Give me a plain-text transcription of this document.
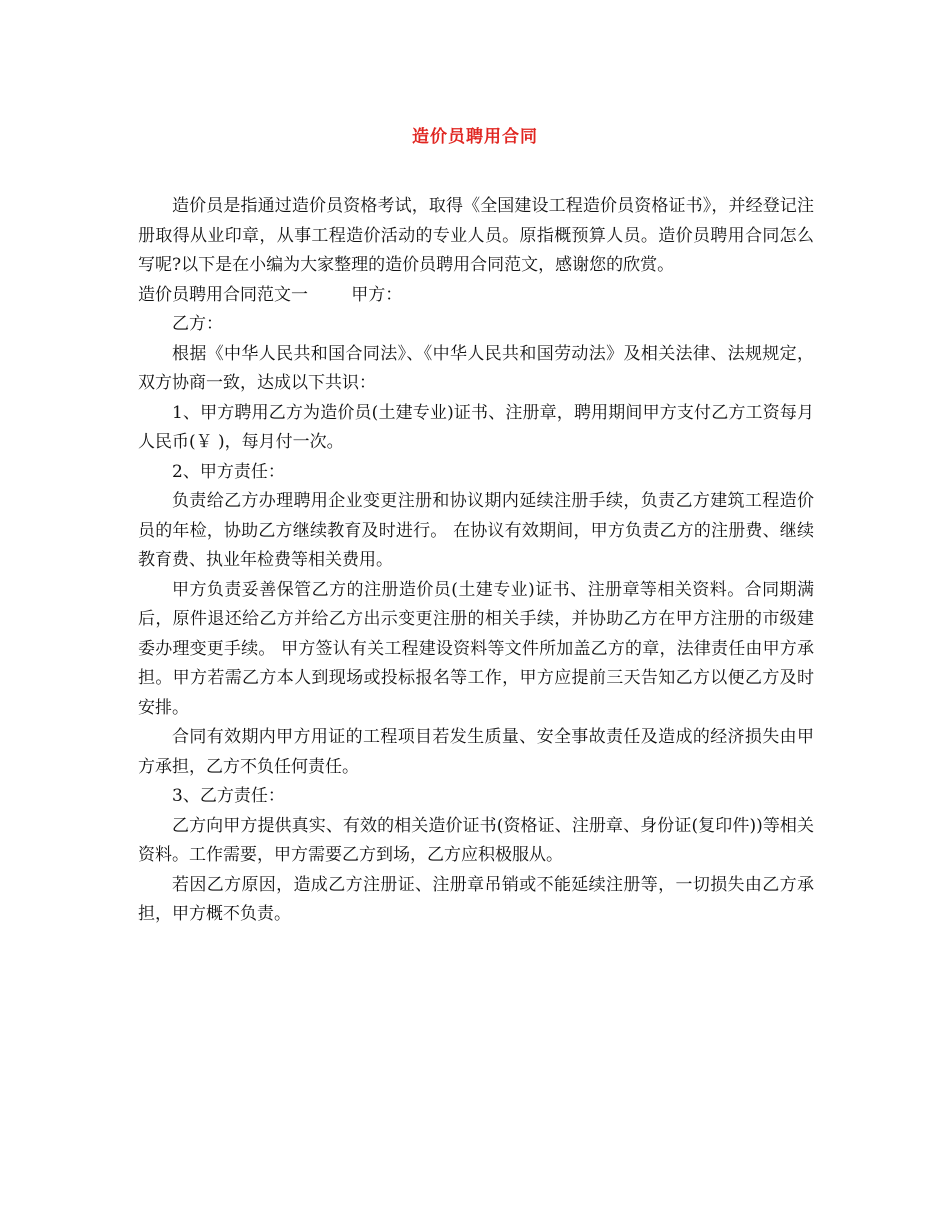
造价员聘用合同

造价员是指通过造价员资格考试，取得《全国建设工程造价员资格证书》，并经登记注册取得从业印章，从事工程造价活动的专业人员。原指概预算人员。造价员聘用合同怎么写呢?以下是在小编为大家整理的造价员聘用合同范文，感谢您的欣赏。

造价员聘用合同范文一	甲方：

乙方：

根据《中华人民共和国合同法》、《中华人民共和国劳动法》及相关法律、法规规定，双方协商一致，达成以下共识：

1、甲方聘用乙方为造价员(土建专业)证书、注册章，聘用期间甲方支付乙方工资每月人民币(￥ )，每月付一次。

2、甲方责任：

负责给乙方办理聘用企业变更注册和协议期内延续注册手续，负责乙方建筑工程造价员的年检，协助乙方继续教育及时进行。 在协议有效期间，甲方负责乙方的注册费、继续教育费、执业年检费等相关费用。

甲方负责妥善保管乙方的注册造价员(土建专业)证书、注册章等相关资料。合同期满后，原件退还给乙方并给乙方出示变更注册的相关手续，并协助乙方在甲方注册的市级建委办理变更手续。 甲方签认有关工程建设资料等文件所加盖乙方的章，法律责任由甲方承担。甲方若需乙方本人到现场或投标报名等工作，甲方应提前三天告知乙方以便乙方及时安排。

合同有效期内甲方用证的工程项目若发生质量、安全事故责任及造成的经济损失由甲方承担，乙方不负任何责任。

3、乙方责任：

乙方向甲方提供真实、有效的相关造价证书(资格证、注册章、身份证(复印件))等相关资料。工作需要，甲方需要乙方到场，乙方应积极服从。

若因乙方原因，造成乙方注册证、注册章吊销或不能延续注册等，一切损失由乙方承担，甲方概不负责。
